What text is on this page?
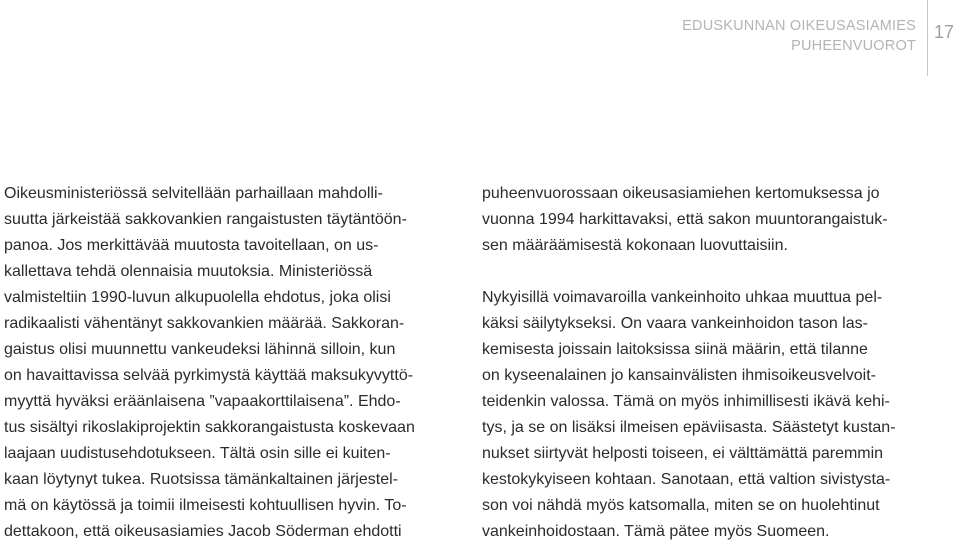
EDUSKUNNAN OIKEUSASIAMIES
PUHEENVUOROT
17
Oikeusministeriössä selvitellään parhaillaan mahdolli-
suutta järkeistää sakkovankien rangaistusten täytäntöön-
panoa. Jos merkittävää muutosta tavoitellaan, on us-
kallettava tehdä olennaisia muutoksia. Ministeriössä
valmisteltiin 1990-luvun alkupuolella ehdotus, joka olisi
radikaalisti vähentänyt sakkovankien määrää. Sakkoran-
gaistus olisi muunnettu vankeudeksi lähinnä silloin, kun
on havaittavissa selvää pyrkimystä käyttää maksukyvyttö-
myyttä hyväksi eräänlaisena ”vapaakorttilaisena”. Ehdo-
tus sisältyi rikoslakiprojektin sakkorangaistusta koskevaan
laajaan uudistusehdotukseen. Tältä osin sille ei kuiten-
kaan löytynyt tukea. Ruotsissa tämänkaltainen järjestel-
mä on käytössä ja toimii ilmeisesti kohtuullisen hyvin. To-
dettakoon, että oikeusasiamies Jacob Söderman ehdotti
puheenvuorossaan oikeusasiamiehen kertomuksessa jo
vuonna 1994 harkittavaksi, että sakon muuntorangaistuk-
sen määräämisestä kokonaan luovuttaisiin.
Nykyisillä voimavaroilla vankeinhoito uhkaa muuttua pel-
käksi säilytykseksi. On vaara vankeinhoidon tason las-
kemisesta joissain laitoksissa siinä määrin, että tilanne
on kyseenalainen jo kansainvälisten ihmisoikeusvelvoit-
teidenkin valossa. Tämä on myös inhimillisesti ikävä kehi-
tys, ja se on lisäksi ilmeisen epäviisasta. Säästetyt kustan-
nukset siirtyvät helposti toiseen, ei välttämättä paremmin
kestokykyiseen kohtaan. Sanotaan, että valtion sivistysta-
son voi nähdä myös katsomalla, miten se on huolehtinut
vankeinhoidostaan. Tämä pätee myös Suomeen.
